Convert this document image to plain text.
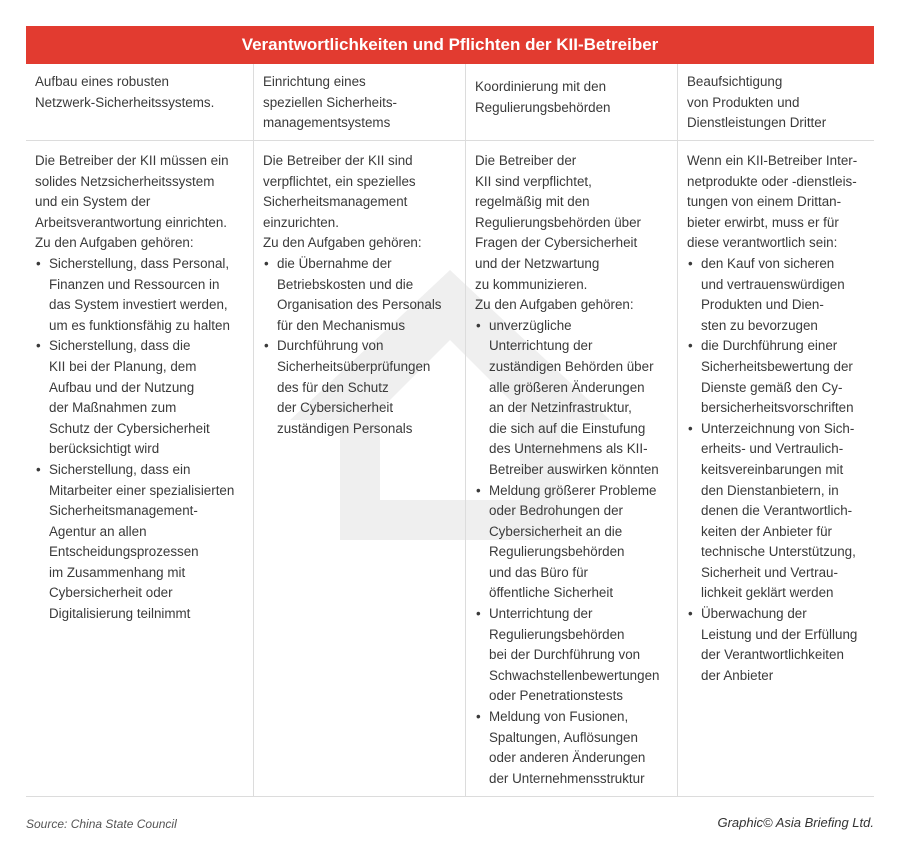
Verantwortlichkeiten und Pflichten der KII-Betreiber
Aufbau eines robusten
Netzwerk-Sicherheitssystems.
Einrichtung eines
speziellen Sicherheits-
managementsystems
Koordinierung mit den
Regulierungsbehörden
Beaufsichtigung
von Produkten und
Dienstleistungen Dritter
Die Betreiber der KII müssen ein
solides Netzsicherheitssystem
und ein System der
Arbeitsverantwortung einrichten.
Zu den Aufgaben gehören:
• Sicherstellung, dass Personal,
Finanzen und Ressourcen in
das System investiert werden,
um es funktionsfähig zu halten
• Sicherstellung, dass die
KII bei der Planung, dem
Aufbau und der Nutzung
der Maßnahmen zum
Schutz der Cybersicherheit
berücksichtigt wird
• Sicherstellung, dass ein
Mitarbeiter einer spezialisierten
Sicherheitsmanagement-
Agentur an allen
Entscheidungsprozessen
im Zusammenhang mit
Cybersicherheit oder
Digitalisierung teilnimmt
Die Betreiber der KII sind
verpflichtet, ein spezielles
Sicherheitsmanagement
einzurichten.
Zu den Aufgaben gehören:
• die Übernahme der
Betriebskosten und die
Organisation des Personals
für den Mechanismus
• Durchführung von
Sicherheitsüberprüfungen
des für den Schutz
der Cybersicherheit
zuständigen Personals
Die Betreiber der
KII sind verpflichtet,
regelmäßig mit den
Regulierungsbehörden über
Fragen der Cybersicherheit
und der Netzwartung
zu kommunizieren.
Zu den Aufgaben gehören:
• unverzügliche
Unterrichtung der
zuständigen Behörden über
alle größeren Änderungen
an der Netzinfrastruktur,
die sich auf die Einstufung
des Unternehmens als KII-
Betreiber auswirken könnten
• Meldung größerer Probleme
oder Bedrohungen der
Cybersicherheit an die
Regulierungsbehörden
und das Büro für
öffentliche Sicherheit
• Unterrichtung der
Regulierungsbehörden
bei der Durchführung von
Schwachstellenbewertungen
oder Penetrationstests
• Meldung von Fusionen,
Spaltungen, Auflösungen
oder anderen Änderungen
der Unternehmensstruktur
Wenn ein KII-Betreiber Inter-
netprodukte oder -dienstleis-
tungen von einem Drittan-
bieter erwirbt, muss er für
diese verantwortlich sein:
• den Kauf von sicheren
und vertrauenswürdigen
Produkten und Dien-
sten zu bevorzugen
• die Durchführung einer
Sicherheitsbewertung der
Dienste gemäß den Cy-
bersicherheitsvorschriften
• Unterzeichnung von Sich-
erheits- und Vertraulich-
keitsvereinbarungen mit
den Dienstanbietern, in
denen die Verantwortlich-
keiten der Anbieter für
technische Unterstützung,
Sicherheit und Vertrau-
lichkeit geklärt werden
• Überwachung der
Leistung und der Erfüllung
der Verantwortlichkeiten
der Anbieter
Source: China State Council	Graphic© Asia Briefing Ltd.
